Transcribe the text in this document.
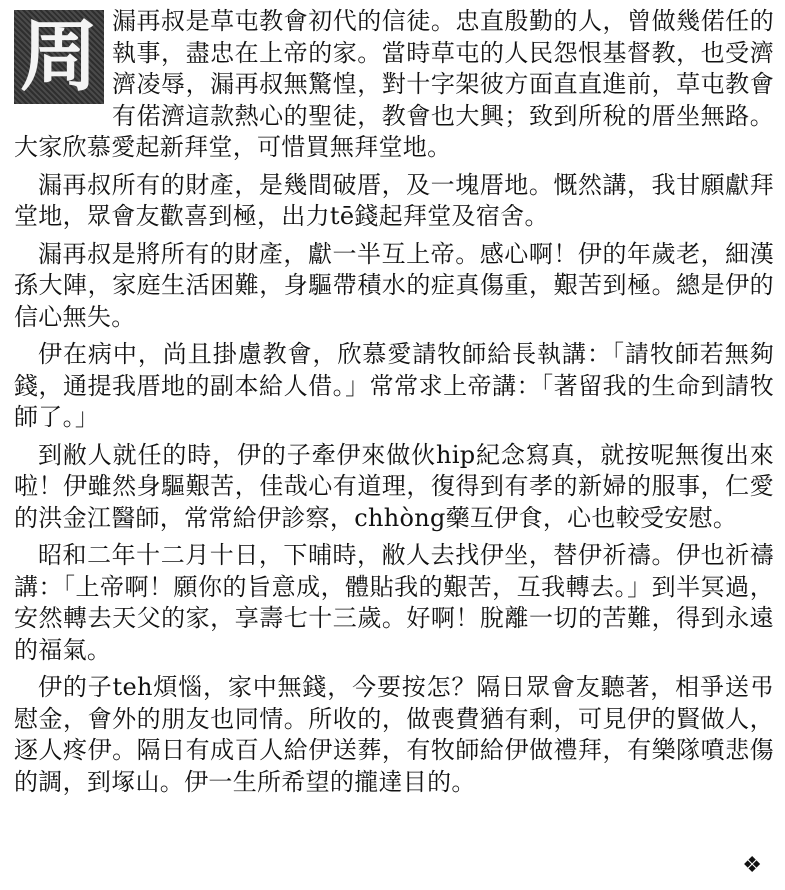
周 漏再叔是草屯教會初代的信徒。忠直殷勤的人，曾做幾偌任的執事，盡忠在上帝的家。當時草屯的人民怨恨基督教，也受濟濟凌辱，漏再叔無驚惶，對十字架彼方面直直進前，草屯教會有偌濟這款熱心的聖徒，教會也大興；致到所稅的厝坐無路。大家欣慕愛起新拜堂，可惜買無拜堂地。

漏再叔所有的財產，是幾間破厝，及一塊厝地。慨然講，我甘願獻拜堂地，眾會友歡喜到極，出力tē錢起拜堂及宿舍。

漏再叔是將所有的財產，獻一半互上帝。感心啊！伊的年歲老，細漢孫大陣，家庭生活困難，身驅帶積水的症真傷重，艱苦到極。總是伊的信心無失。

伊在病中，尚且掛慮教會，欣慕愛請牧師給長執講：「請牧師若無夠錢，通提我厝地的副本給人借。」常常求上帝講：「著留我的生命到請牧師了。」

到敝人就任的時，伊的子牽伊來做伙hip紀念寫真，就按呢無復出來啦！伊雖然身驅艱苦，佳哉心有道理，復得到有孝的新婦的服事，仁愛的洪金江醫師，常常給伊診察，chhòng藥互伊食，心也較受安慰。

昭和二年十二月十日，下晡時，敝人去找伊坐，替伊祈禱。伊也祈禱講：「上帝啊！願你的旨意成，體貼我的艱苦，互我轉去。」到半冥過，安然轉去天父的家，享壽七十三歲。好啊！脫離一切的苦難，得到永遠的福氣。

伊的子teh煩惱，家中無錢，今要按怎？隔日眾會友聽著，相爭送弔慰金，會外的朋友也同情。所收的，做喪費猶有剩，可見伊的賢做人，逐人疼伊。隔日有成百人給伊送葬，有牧師給伊做禮拜，有樂隊噴悲傷的調，到塚山。伊一生所希望的攏達目的。

❖
